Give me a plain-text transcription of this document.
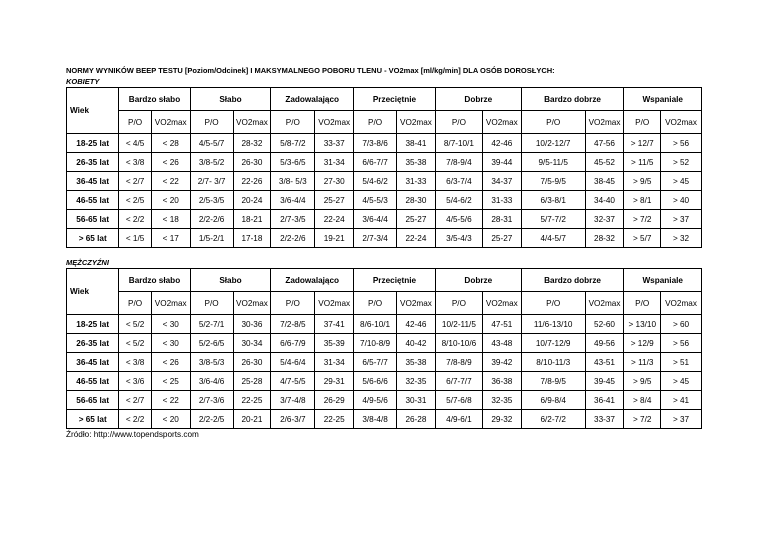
NORMY WYNIKÓW BEEP TESTU [Poziom/Odcinek] I MAKSYMALNEGO POBORU TLENU - VO2max [ml/kg/min] DLA OSÓB DOROSŁYCH:
KOBIETY
Wiek	Bardzo słabo		Słabo		Zadowalająco		Przeciętnie		Dobrze		Bardzo dobrze		Wspaniale	
	P/O	VO2max	P/O	VO2max	P/O	VO2max	P/O	VO2max	P/O	VO2max	P/O	VO2max	P/O	VO2max
18-25 lat	< 4/5	< 28	4/5-5/7	28-32	5/8-7/2	33-37	7/3-8/6	38-41	8/7-10/1	42-46	10/2-12/7	47-56	> 12/7	> 56
26-35 lat	< 3/8	< 26	3/8-5/2	26-30	5/3-6/5	31-34	6/6-7/7	35-38	7/8-9/4	39-44	9/5-11/5	45-52	> 11/5	> 52
36-45 lat	< 2/7	< 22	2/7- 3/7	22-26	3/8- 5/3	27-30	5/4-6/2	31-33	6/3-7/4	34-37	7/5-9/5	38-45	> 9/5	> 45
46-55 lat	< 2/5	< 20	2/5-3/5	20-24	3/6-4/4	25-27	4/5-5/3	28-30	5/4-6/2	31-33	6/3-8/1	34-40	> 8/1	> 40
56-65 lat	< 2/2	< 18	2/2-2/6	18-21	2/7-3/5	22-24	3/6-4/4	25-27	4/5-5/6	28-31	5/7-7/2	32-37	> 7/2	> 37
> 65 lat	< 1/5	< 17	1/5-2/1	17-18	2/2-2/6	19-21	2/7-3/4	22-24	3/5-4/3	25-27	4/4-5/7	28-32	> 5/7	> 32
MĘŻCZYŹNI
Wiek	Bardzo słabo		Słabo		Zadowalająco		Przeciętnie		Dobrze		Bardzo dobrze		Wspaniale	
	P/O	VO2max	P/O	VO2max	P/O	VO2max	P/O	VO2max	P/O	VO2max	P/O	VO2max	P/O	VO2max
18-25 lat	< 5/2	< 30	5/2-7/1	30-36	7/2-8/5	37-41	8/6-10/1	42-46	10/2-11/5	47-51	11/6-13/10	52-60	> 13/10	> 60
26-35 lat	< 5/2	< 30	5/2-6/5	30-34	6/6-7/9	35-39	7/10-8/9	40-42	8/10-10/6	43-48	10/7-12/9	49-56	> 12/9	> 56
36-45 lat	< 3/8	< 26	3/8-5/3	26-30	5/4-6/4	31-34	6/5-7/7	35-38	7/8-8/9	39-42	8/10-11/3	43-51	> 11/3	> 51
46-55 lat	< 3/6	< 25	3/6-4/6	25-28	4/7-5/5	29-31	5/6-6/6	32-35	6/7-7/7	36-38	7/8-9/5	39-45	> 9/5	> 45
56-65 lat	< 2/7	< 22	2/7-3/6	22-25	3/7-4/8	26-29	4/9-5/6	30-31	5/7-6/8	32-35	6/9-8/4	36-41	> 8/4	> 41
> 65 lat	< 2/2	< 20	2/2-2/5	20-21	2/6-3/7	22-25	3/8-4/8	26-28	4/9-6/1	29-32	6/2-7/2	33-37	> 7/2	> 37
Źródło: http://www.topendsports.com
